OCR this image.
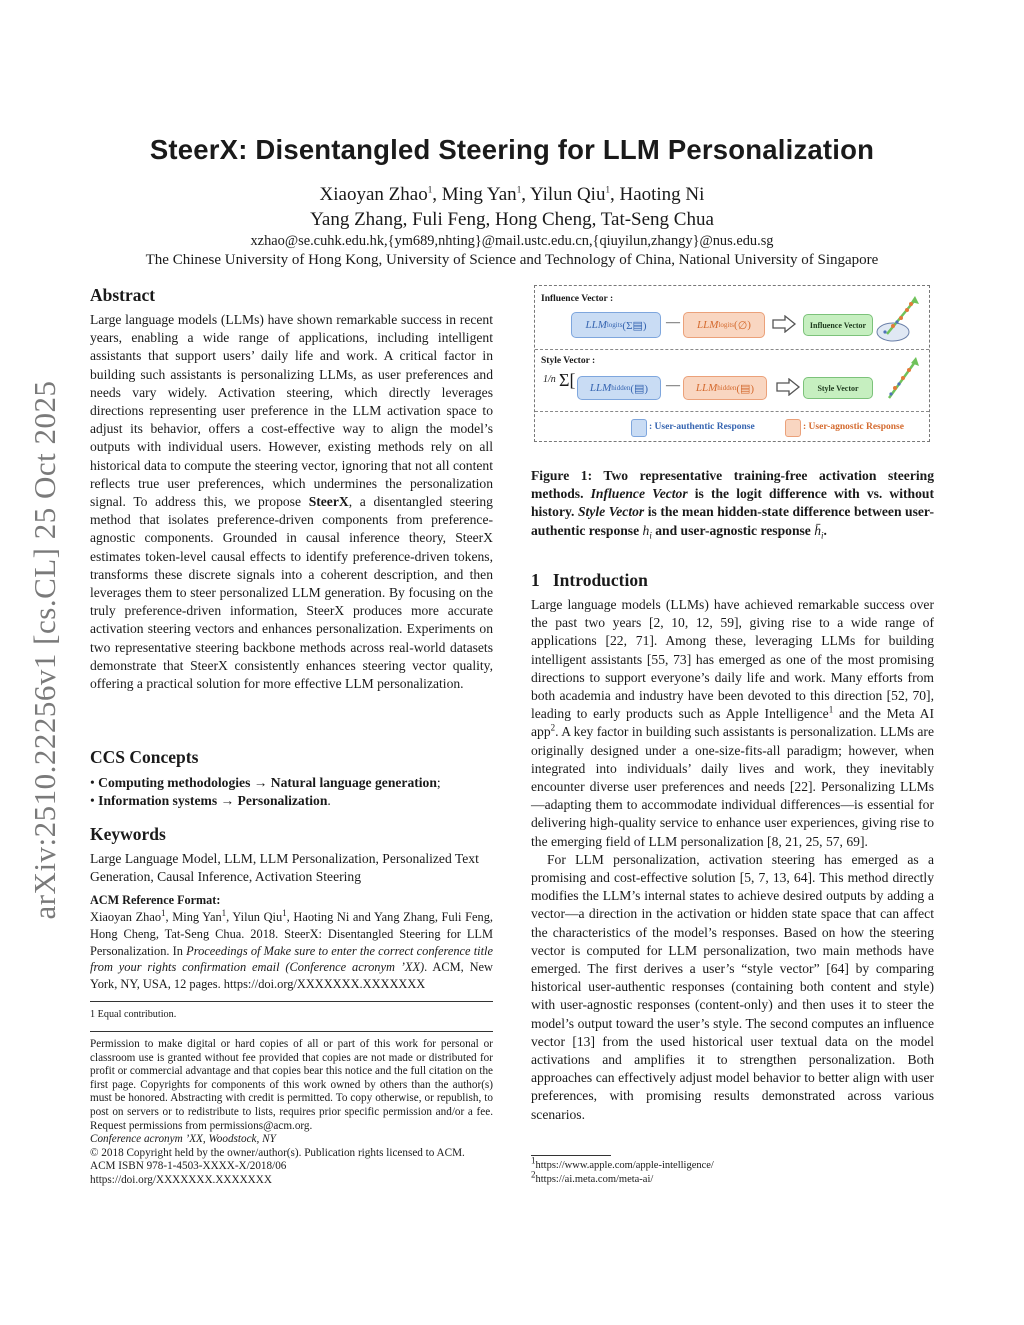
SteerX: Disentangled Steering for LLM Personalization
Xiaoyan Zhao$^1$, Ming Yan$^1$, Yilun Qiu$^1$, Haoting Ni
Yang Zhang, Fuli Feng, Hong Cheng, Tat-Seng Chua
xzhao@se.cuhk.edu.hk,{ym689,nhting}@mail.ustc.edu.cn,{qiuyilun,zhangy}@nus.edu.sg
The Chinese University of Hong Kong, University of Science and Technology of China, National University of Singapore
arXiv:2510.22256v1 [cs.CL] 25 Oct 2025
Abstract

Large language models (LLMs) have shown remarkable success in recent years, enabling a wide range of applications, including intelligent assistants that support users’ daily life and work. A critical factor in building such assistants is personalizing LLMs, as user preferences and needs vary widely. Activation steering, which directly leverages directions representing user preference in the LLM activation space to adjust its behavior, offers a cost-effective way to align the model’s outputs with individual users. However, existing methods rely on all historical data to compute the steering vector, ignoring that not all content reflects true user preferences, which undermines the personalization signal. To address this, we propose SteerX, a disentangled steering method that isolates preference-driven components from preference-agnostic components. Grounded in causal inference theory, SteerX estimates token-level causal effects to identify preference-driven tokens, transforms these discrete signals into a coherent description, and then leverages them to steer personalized LLM generation. By focusing on the truly preference-driven information, SteerX produces more accurate activation steering vectors and enhances personalization. Experiments on two representative steering backbone methods across real-world datasets demonstrate that SteerX consistently enhances steering vector quality, offering a practical solution for more effective LLM personalization.

CCS Concepts
• Computing methodologies → Natural language generation;
• Information systems → Personalization.
Keywords

Large Language Model, LLM, LLM Personalization, Personalized Text Generation, Causal Inference, Activation Steering

ACM Reference Format:

Xiaoyan Zhao$^1$, Ming Yan$^1$, Yilun Qiu$^1$, Haoting Ni and Yang Zhang, Fuli Feng, Hong Cheng, Tat-Seng Chua. 2018. SteerX: Disentangled Steering for LLM Personalization. In Proceedings of Make sure to enter the correct conference title from your rights confirmation email (Conference acronym ’XX). ACM, New York, NY, USA, 12 pages. https://doi.org/XXXXXXX.XXXXXXX

1 Equal contribution.
Permission to make digital or hard copies of all or part of this work for personal or classroom use is granted without fee provided that copies are not made or distributed for profit or commercial advantage and that copies bear this notice and the full citation on the first page. Copyrights for components of this work owned by others than the author(s) must be honored. Abstracting with credit is permitted. To copy otherwise, or republish, to post on servers or to redistribute to lists, requires prior specific permission and/or a fee. Request permissions from permissions@acm.org.
Conference acronym ’XX, Woodstock, NY
© 2018 Copyright held by the owner/author(s). Publication rights licensed to ACM.
ACM ISBN 978-1-4503-XXXX-X/2018/06
https://doi.org/XXXXXXX.XXXXXXX
Influence Vector :
LLM logits (Σ▤) — LLM logits ( ∅ )	Influence Vector
Style Vector :
1/n Σ[ LLM hidden (▤) — LLM hidden (▤)	Style Vector
: User-authentic Response	: User-agnostic Response
Figure 1: Two representative training-free activation steering methods. Influence Vector is the logit difference with vs. without history. Style Vector is the mean hidden-state difference between user-authentic response $h_i$ and user-agnostic response $h̄_i$.
1 Introduction

Large language models (LLMs) have achieved remarkable success over the past two years [2, 10, 12, 59], giving rise to a wide range of applications [22, 71]. Among these, leveraging LLMs for building intelligent assistants [55, 73] has emerged as one of the most promising directions to support everyone’s daily life and work. Many efforts from both academia and industry have been devoted to this direction [52, 70], leading to early products such as Apple Intelligence$^1$ and the Meta AI app$^2$. A key factor in building such assistants is personalization. LLMs are originally designed under a one-size-fits-all paradigm; however, when integrated into individuals’ daily lives and work, they inevitably encounter diverse user preferences and needs [22]. Personalizing LLMs—adapting them to accommodate individual differences—is essential for delivering high-quality service to enhance user experiences, giving rise to the emerging field of LLM personalization [8, 21, 25, 57, 69].

For LLM personalization, activation steering has emerged as a promising and cost-effective solution [5, 7, 13, 64]. This method directly modifies the LLM’s internal states to achieve desired outputs by adding a vector—a direction in the activation or hidden state space that can affect the characteristics of the model’s responses. Based on how the steering vector is computed for LLM personalization, two main methods have emerged. The first derives a user’s “style vector” [64] by comparing historical user-authentic responses (containing both content and style) with user-agnostic responses (content-only) and then uses it to steer the model’s output toward the user’s style. The second computes an influence vector [13] from the used historical user textual data on the model activations and amplifies it to strengthen personalization. Both approaches can effectively adjust model behavior to better align with user preferences, with promising results demonstrated across various scenarios.

$^1$https://www.apple.com/apple-intelligence/
$^2$https://ai.meta.com/meta-ai/
